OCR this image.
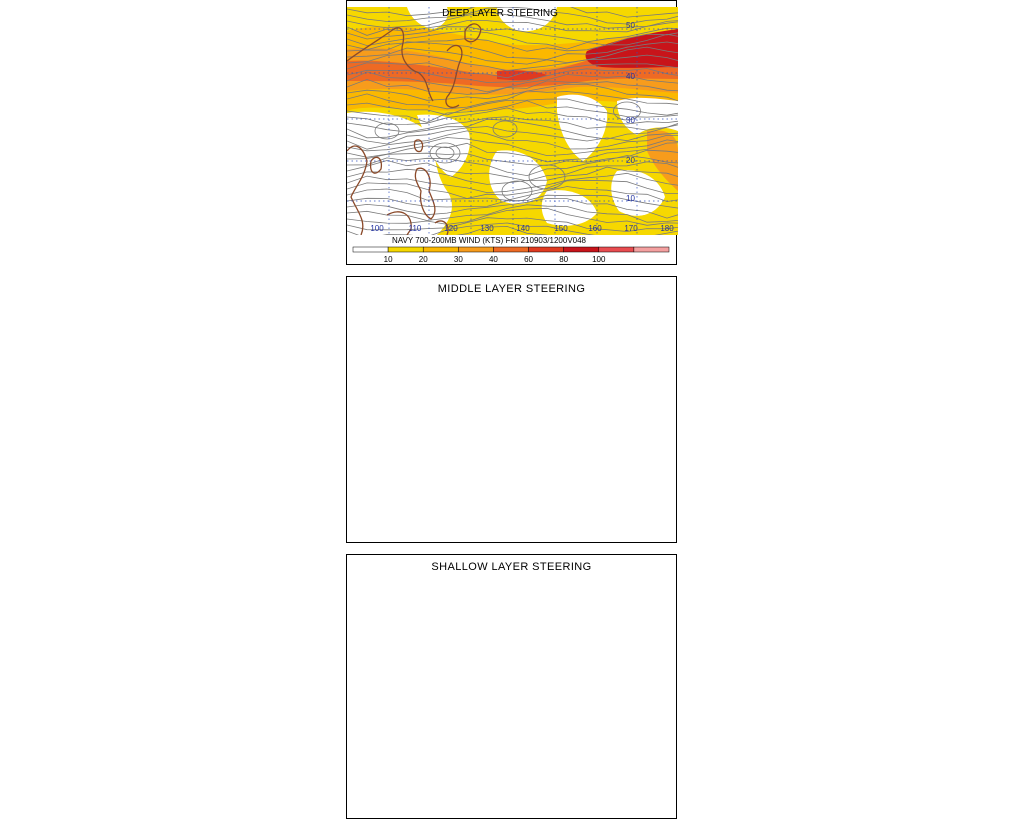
50
40
30
20
10
100	110	120	130	140	150	160	170	180
DEEP LAYER STEERING
NAVY 700-200MB WIND (KTS) FRI 210903/1200V048
10	20	30	40	60	80	100
MIDDLE LAYER STEERING
SHALLOW LAYER STEERING
